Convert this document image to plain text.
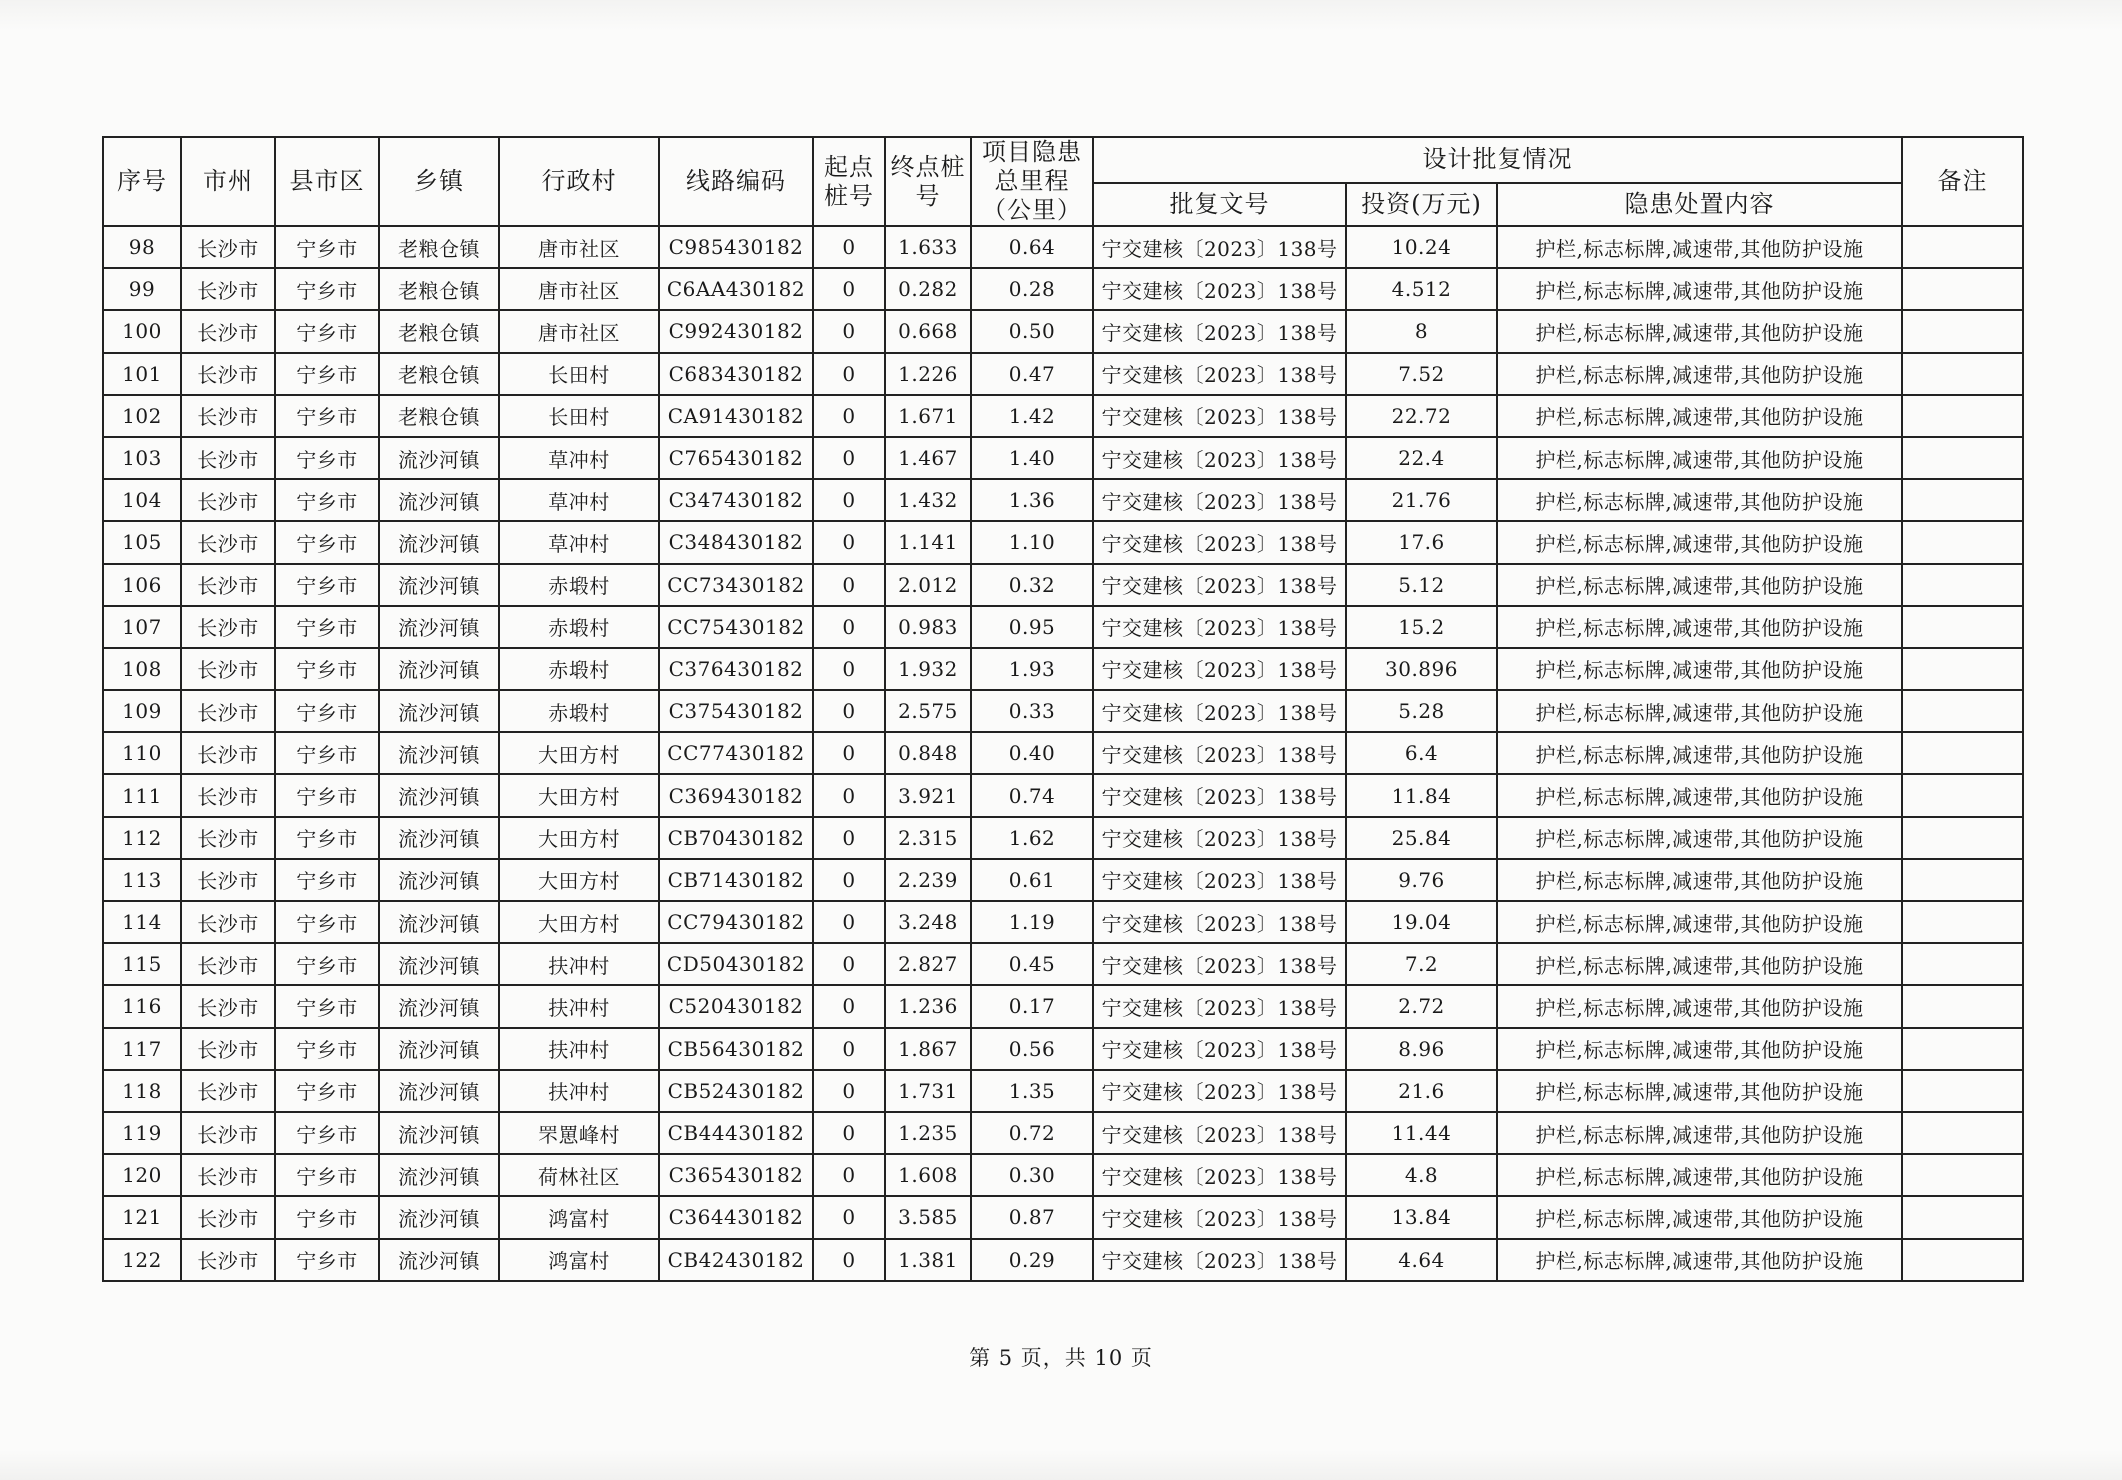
序号	市州	县市区	乡镇	行政村	线路编码	起点桩号	终点桩号	项目隐患总里程（公里）	设计批复情况			备注
									批复文号	投资(万元)	隐患处置内容	
98	长沙市	宁乡市	老粮仓镇	唐市社区	C985430182	0	1.633	0.64	宁交建核〔2023〕138号	10.24	护栏,标志标牌,减速带,其他防护设施	
99	长沙市	宁乡市	老粮仓镇	唐市社区	C6AA430182	0	0.282	0.28	宁交建核〔2023〕138号	4.512	护栏,标志标牌,减速带,其他防护设施	
100	长沙市	宁乡市	老粮仓镇	唐市社区	C992430182	0	0.668	0.50	宁交建核〔2023〕138号	8	护栏,标志标牌,减速带,其他防护设施	
101	长沙市	宁乡市	老粮仓镇	长田村	C683430182	0	1.226	0.47	宁交建核〔2023〕138号	7.52	护栏,标志标牌,减速带,其他防护设施	
102	长沙市	宁乡市	老粮仓镇	长田村	CA91430182	0	1.671	1.42	宁交建核〔2023〕138号	22.72	护栏,标志标牌,减速带,其他防护设施	
103	长沙市	宁乡市	流沙河镇	草冲村	C765430182	0	1.467	1.40	宁交建核〔2023〕138号	22.4	护栏,标志标牌,减速带,其他防护设施	
104	长沙市	宁乡市	流沙河镇	草冲村	C347430182	0	1.432	1.36	宁交建核〔2023〕138号	21.76	护栏,标志标牌,减速带,其他防护设施	
105	长沙市	宁乡市	流沙河镇	草冲村	C348430182	0	1.141	1.10	宁交建核〔2023〕138号	17.6	护栏,标志标牌,减速带,其他防护设施	
106	长沙市	宁乡市	流沙河镇	赤塅村	CC73430182	0	2.012	0.32	宁交建核〔2023〕138号	5.12	护栏,标志标牌,减速带,其他防护设施	
107	长沙市	宁乡市	流沙河镇	赤塅村	CC75430182	0	0.983	0.95	宁交建核〔2023〕138号	15.2	护栏,标志标牌,减速带,其他防护设施	
108	长沙市	宁乡市	流沙河镇	赤塅村	C376430182	0	1.932	1.93	宁交建核〔2023〕138号	30.896	护栏,标志标牌,减速带,其他防护设施	
109	长沙市	宁乡市	流沙河镇	赤塅村	C375430182	0	2.575	0.33	宁交建核〔2023〕138号	5.28	护栏,标志标牌,减速带,其他防护设施	
110	长沙市	宁乡市	流沙河镇	大田方村	CC77430182	0	0.848	0.40	宁交建核〔2023〕138号	6.4	护栏,标志标牌,减速带,其他防护设施	
111	长沙市	宁乡市	流沙河镇	大田方村	C369430182	0	3.921	0.74	宁交建核〔2023〕138号	11.84	护栏,标志标牌,减速带,其他防护设施	
112	长沙市	宁乡市	流沙河镇	大田方村	CB70430182	0	2.315	1.62	宁交建核〔2023〕138号	25.84	护栏,标志标牌,减速带,其他防护设施	
113	长沙市	宁乡市	流沙河镇	大田方村	CB71430182	0	2.239	0.61	宁交建核〔2023〕138号	9.76	护栏,标志标牌,减速带,其他防护设施	
114	长沙市	宁乡市	流沙河镇	大田方村	CC79430182	0	3.248	1.19	宁交建核〔2023〕138号	19.04	护栏,标志标牌,减速带,其他防护设施	
115	长沙市	宁乡市	流沙河镇	扶冲村	CD50430182	0	2.827	0.45	宁交建核〔2023〕138号	7.2	护栏,标志标牌,减速带,其他防护设施	
116	长沙市	宁乡市	流沙河镇	扶冲村	C520430182	0	1.236	0.17	宁交建核〔2023〕138号	2.72	护栏,标志标牌,减速带,其他防护设施	
117	长沙市	宁乡市	流沙河镇	扶冲村	CB56430182	0	1.867	0.56	宁交建核〔2023〕138号	8.96	护栏,标志标牌,减速带,其他防护设施	
118	长沙市	宁乡市	流沙河镇	扶冲村	CB52430182	0	1.731	1.35	宁交建核〔2023〕138号	21.6	护栏,标志标牌,减速带,其他防护设施	
119	长沙市	宁乡市	流沙河镇	罘罳峰村	CB44430182	0	1.235	0.72	宁交建核〔2023〕138号	11.44	护栏,标志标牌,减速带,其他防护设施	
120	长沙市	宁乡市	流沙河镇	荷林社区	C365430182	0	1.608	0.30	宁交建核〔2023〕138号	4.8	护栏,标志标牌,减速带,其他防护设施	
121	长沙市	宁乡市	流沙河镇	鸿富村	C364430182	0	3.585	0.87	宁交建核〔2023〕138号	13.84	护栏,标志标牌,减速带,其他防护设施	
122	长沙市	宁乡市	流沙河镇	鸿富村	CB42430182	0	1.381	0.29	宁交建核〔2023〕138号	4.64	护栏,标志标牌,减速带,其他防护设施	
第 5 页，共 10 页
